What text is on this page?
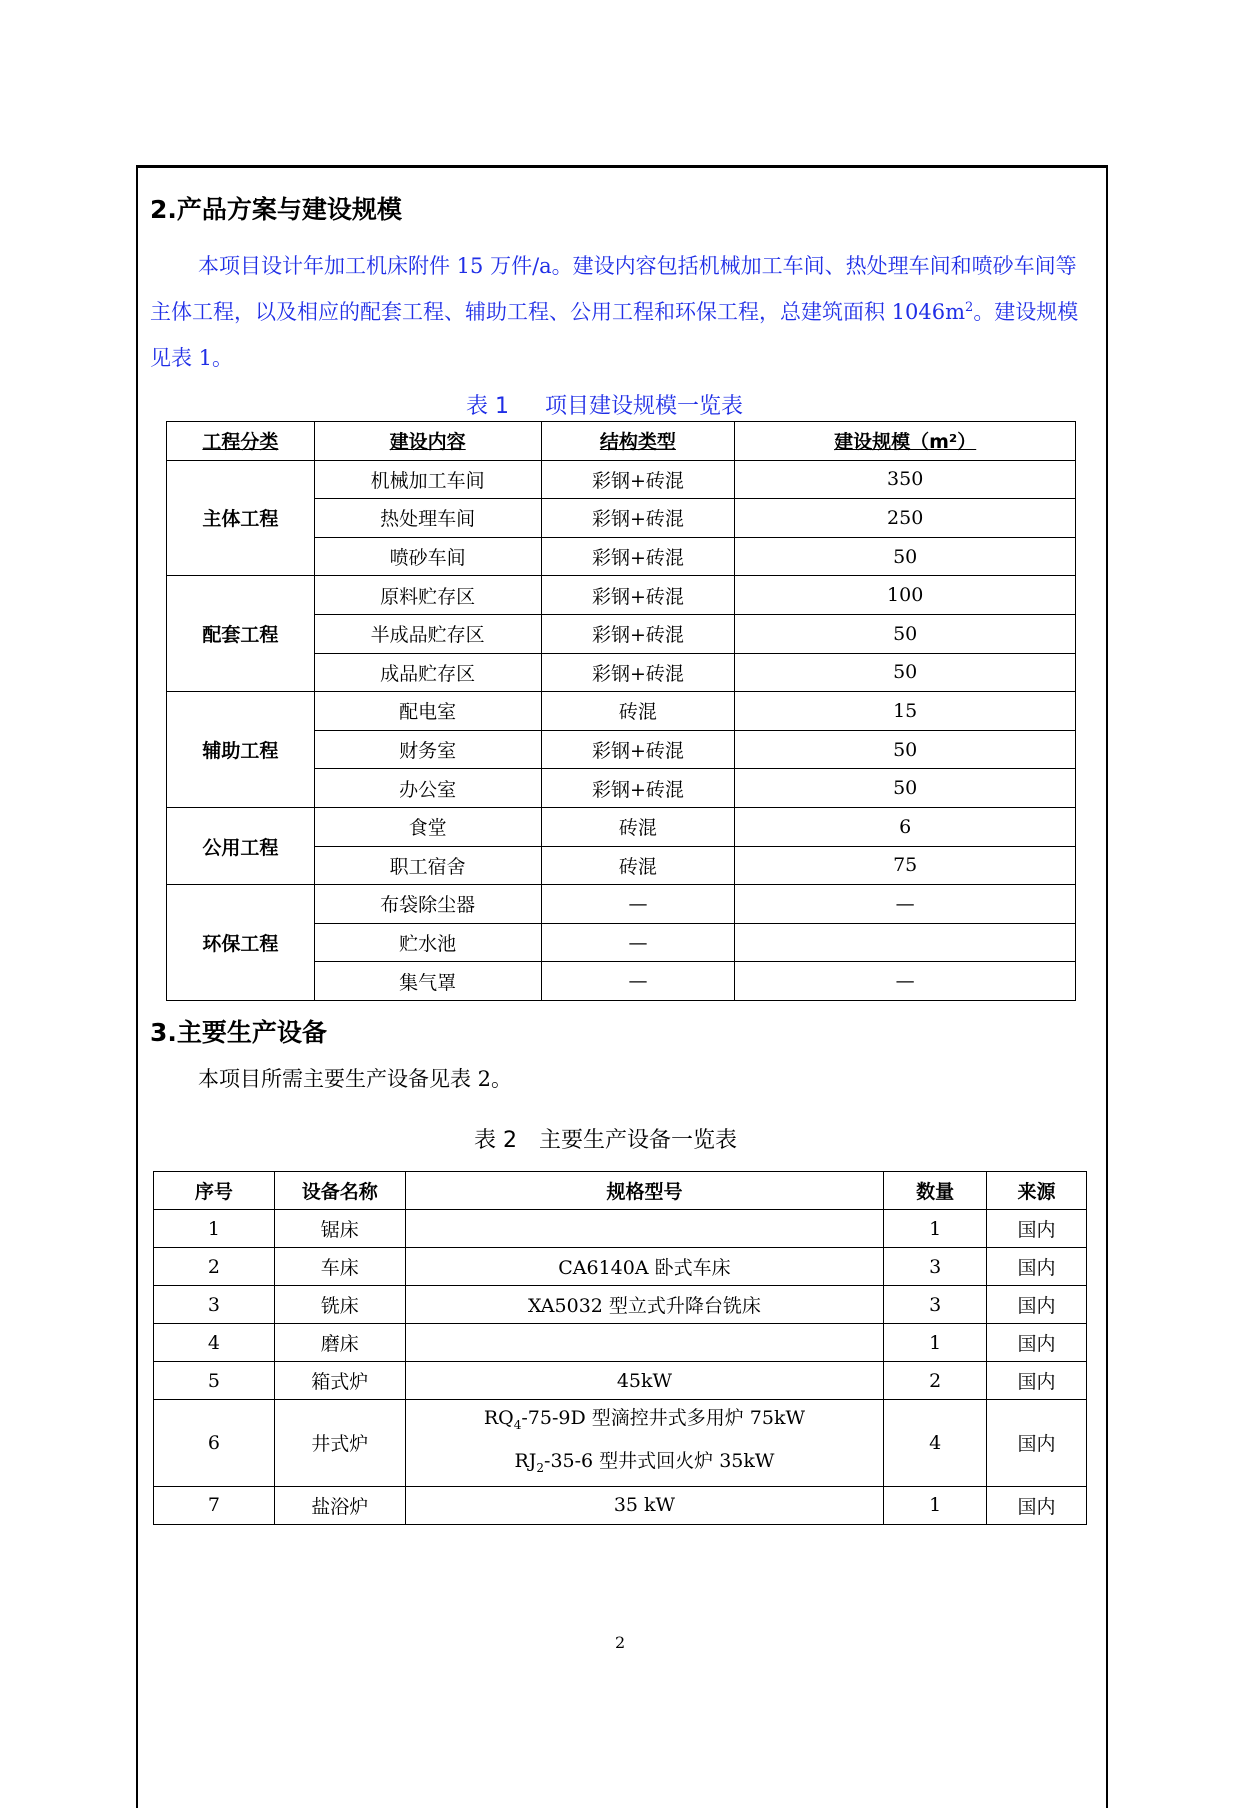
2.产品方案与建设规模
本项目设计年加工机床附件 15 万件/a。建设内容包括机械加工车间、热处理车间和喷砂车间等主体工程，以及相应的配套工程、辅助工程、公用工程和环保工程，总建筑面积 $1046m^2$。建设规模见表 1。
表 1 项目建设规模一览表
工程分类	建设内容	结构类型	建设规模（m²）
主体工程	机械加工车间	彩钢+砖混	350
	热处理车间	彩钢+砖混	250
	喷砂车间	彩钢+砖混	50
配套工程	原料贮存区	彩钢+砖混	100
	半成品贮存区	彩钢+砖混	50
	成品贮存区	彩钢+砖混	50
辅助工程	配电室	砖混	15
	财务室	彩钢+砖混	50
	办公室	彩钢+砖混	50
公用工程	食堂	砖混	6
	职工宿舍	砖混	75
环保工程	布袋除尘器	—	—
	贮水池	—	
	集气罩	—	—
3.主要生产设备
本项目所需主要生产设备见表 2。
表 2　主要生产设备一览表
序号	设备名称	规格型号	数量	来源
1	锯床		1	国内
2	车床	CA6140A 卧式车床	3	国内
3	铣床	XA5032 型立式升降台铣床	3	国内
4	磨床		1	国内
5	箱式炉	45kW	2	国内
6	井式炉	$RQ_4-75-9D$ 型滴控井式多用炉 75kW
$RJ_2-35-6$ 型井式回火炉 35kW	4	国内
7	盐浴炉	35 kW	1	国内
2
